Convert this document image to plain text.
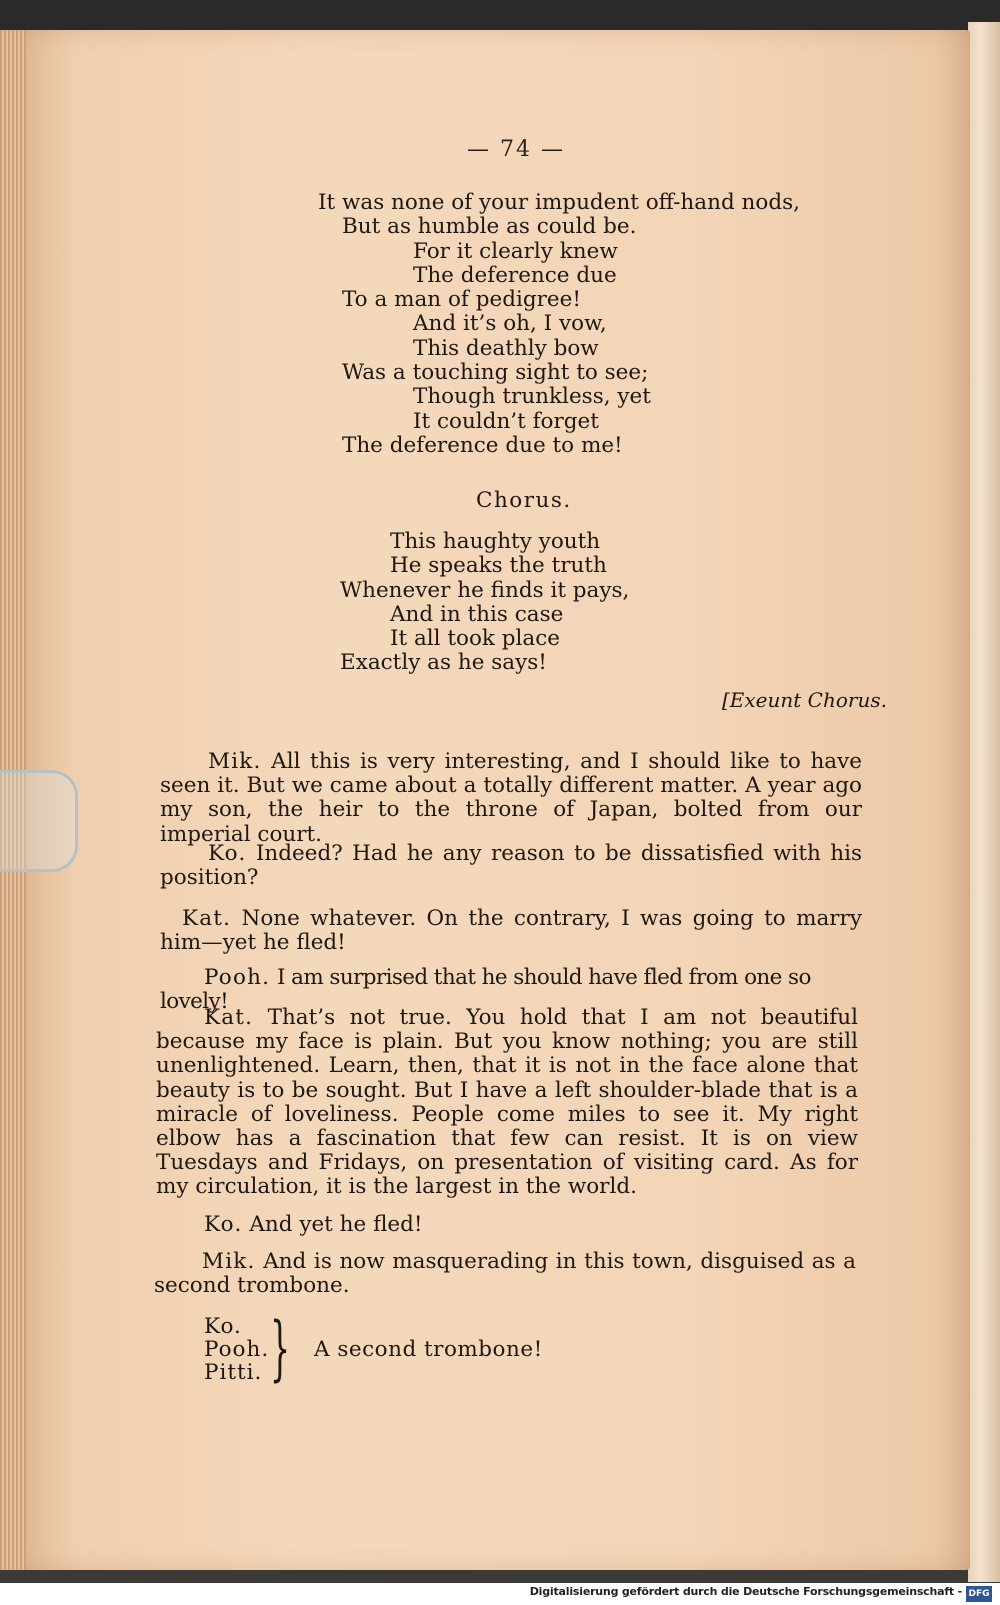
— 74 —
It was none of your impudent off-hand nods,
But as humble as could be.
For it clearly knew
The deference due
To a man of pedigree!
And it’s oh, I vow,
This deathly bow
Was a touching sight to see;
Though trunkless, yet
It couldn’t forget
The deference due to me!
Chorus.
This haughty youth
He speaks the truth
Whenever he finds it pays,
And in this case
It all took place
Exactly as he says!
[Exeunt Chorus.
Mik. All this is very interesting, and I should like to have seen it. But we came about a totally different matter. A year ago my son, the heir to the throne of Japan, bolted from our imperial court.
Ko. Indeed? Had he any reason to be dissatisfied with his position?
Kat. None whatever. On the contrary, I was going to marry him—yet he fled!
Pooh. I am surprised that he should have fled from one so lovely!
Kat. That’s not true. You hold that I am not beautiful because my face is plain. But you know nothing; you are still unenlightened. Learn, then, that it is not in the face alone that beauty is to be sought. But I have a left shoulder-blade that is a miracle of loveliness. People come miles to see it. My right elbow has a fascination that few can resist. It is on view Tuesdays and Fridays, on presentation of visiting card. As for my circulation, it is the largest in the world.
Ko. And yet he fled!
Mik. And is now masquerading in this town, disguised as a second trombone.
Ko.
Pooh.
Pitti. } A second trombone!
Digitalisierung gefördert durch die Deutsche Forschungsgemeinschaft - DFG
